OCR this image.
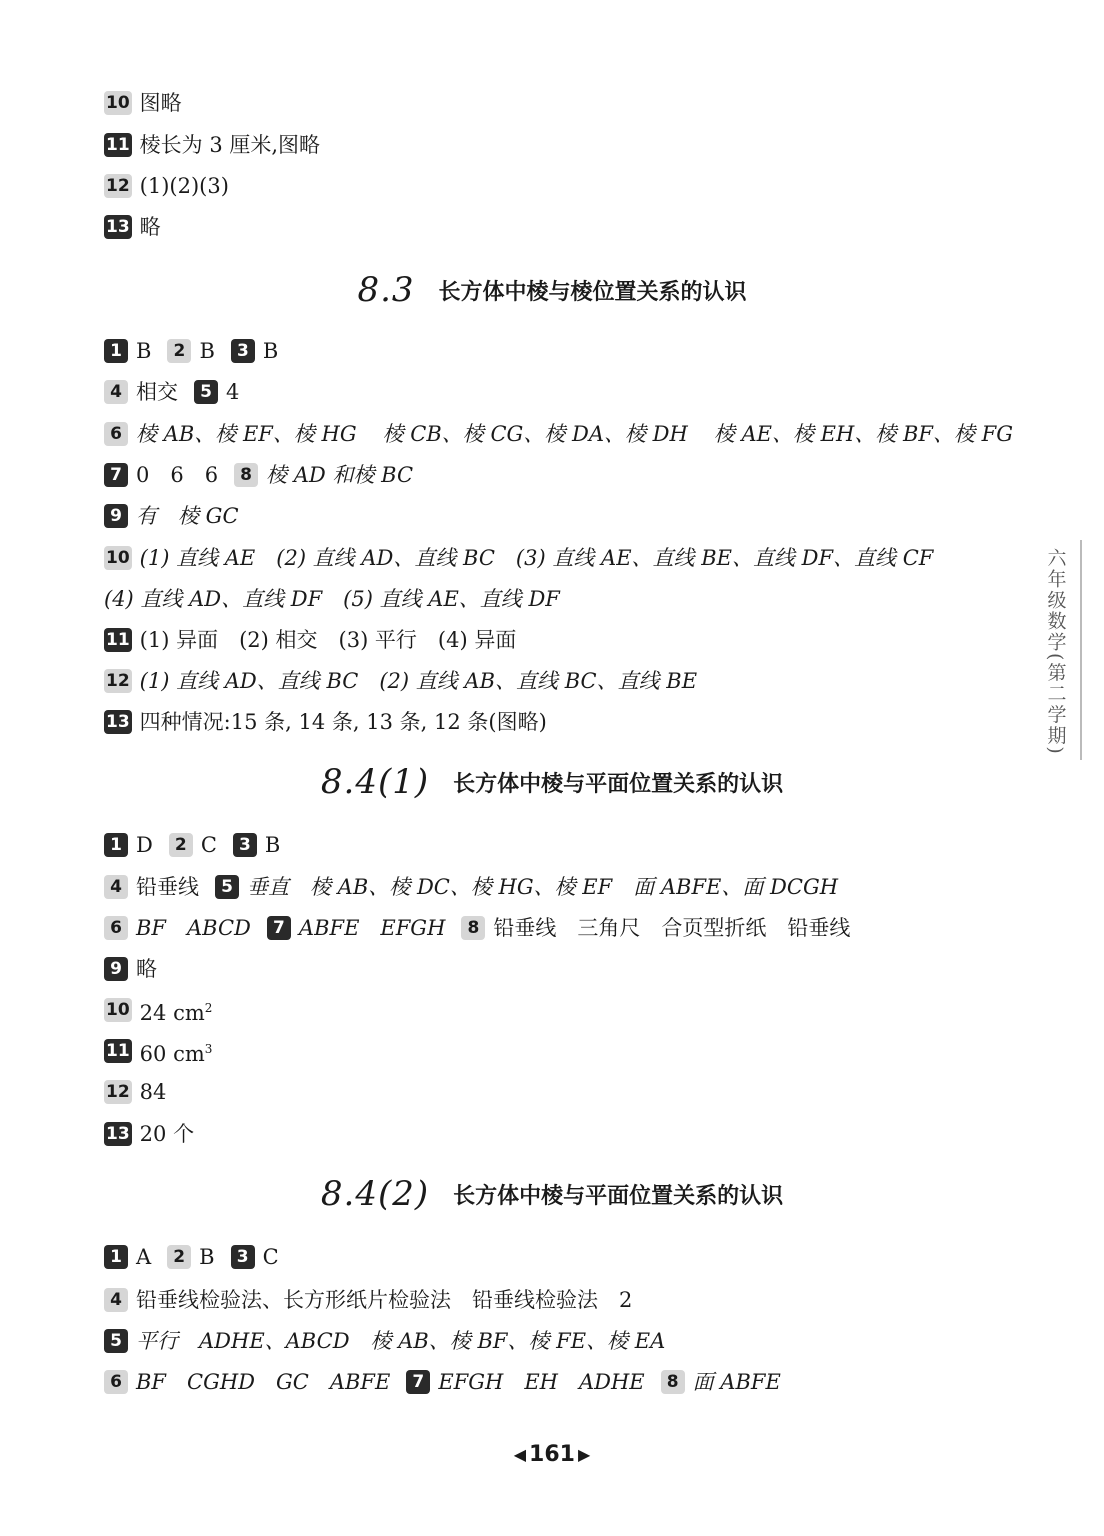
10 图略
11 棱长为 3 厘米,图略
12 (1)(2)(3)
13 略
8.3 长方体中棱与棱位置关系的认识
1 B	2 B	3 B
4 相交	5 4
6 棱 AB、棱 EF、棱 HG 棱 CB、棱 CG、棱 DA、棱 DH 棱 AE、棱 EH、棱 BF、棱 FG
7 0　6　6	8 棱 AD 和棱 BC
9 有　棱 GC
10 (1) 直线 AE　(2) 直线 AD、直线 BC　(3) 直线 AE、直线 BE、直线 DF、直线 CF
(4) 直线 AD、直线 DF　(5) 直线 AE、直线 DF
11 (1) 异面　(2) 相交　(3) 平行　(4) 异面
12 (1) 直线 AD、直线 BC　(2) 直线 AB、直线 BC、直线 BE
13 四种情况:15 条, 14 条, 13 条, 12 条(图略)
8.4(1) 长方体中棱与平面位置关系的认识
1 D	2 C	3 B
4 铅垂线	5 垂直　棱 AB、棱 DC、棱 HG、棱 EF　面 ABFE、面 DCGH
6 BF　ABCD	7 ABFE　EFGH	8 铅垂线　三角尺　合页型折纸　铅垂线
9 略
10 24 $cm^2$
11 60 $cm^3$
12 84
13 20 个
8.4(2) 长方体中棱与平面位置关系的认识
1 A	2 B	3 C
4 铅垂线检验法、长方形纸片检验法　铅垂线检验法　2
5 平行　ADHE、ABCD　棱 AB、棱 BF、棱 FE、棱 EA
6 BF　CGHD　GC　ABFE	7 EFGH　EH　ADHE	8 面 ABFE
六年级数学(第二学期)
◀ 161 ▶
